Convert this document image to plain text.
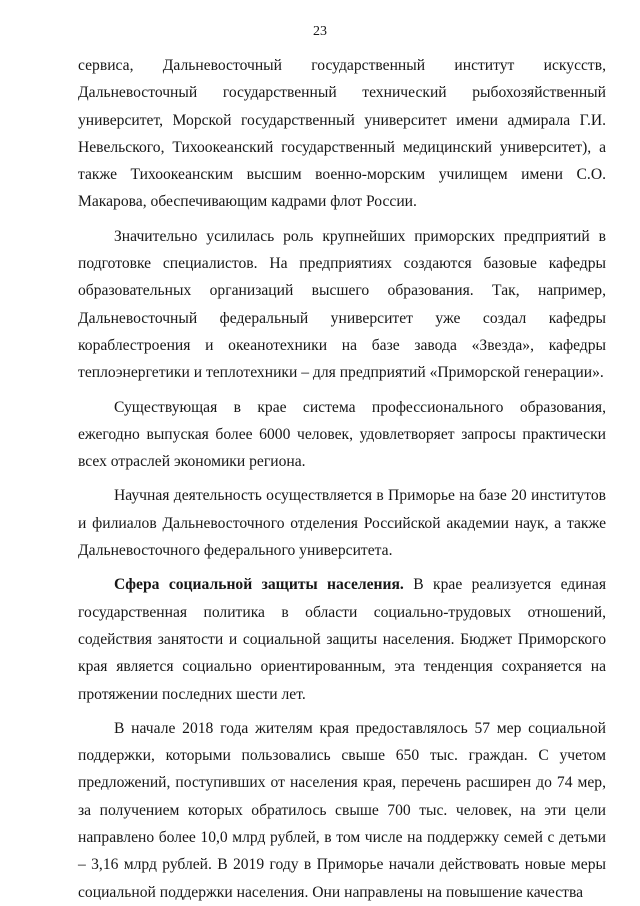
23

сервиса, Дальневосточный государственный институт искусств, Дальневосточный государственный технический рыбохозяйственный университет, Морской государственный университет имени адмирала Г.И. Невельского, Тихоокеанский государственный медицинский университет), а также Тихоокеанским высшим военно-морским училищем имени С.О. Макарова, обеспечивающим кадрами флот России.

Значительно усилилась роль крупнейших приморских предприятий в подготовке специалистов. На предприятиях создаются базовые кафедры образовательных организаций высшего образования. Так, например, Дальневосточный федеральный университет уже создал кафедры кораблестроения и океанотехники на базе завода «Звезда», кафедры теплоэнергетики и теплотехники – для предприятий «Приморской генерации».

Существующая в крае система профессионального образования, ежегодно выпуская более 6000 человек, удовлетворяет запросы практически всех отраслей экономики региона.

Научная деятельность осуществляется в Приморье на базе 20 институтов и филиалов Дальневосточного отделения Российской академии наук, а также Дальневосточного федерального университета.

Сфера социальной защиты населения. В крае реализуется единая государственная политика в области социально-трудовых отношений, содействия занятости и социальной защиты населения. Бюджет Приморского края является социально ориентированным, эта тенденция сохраняется на протяжении последних шести лет.

В начале 2018 года жителям края предоставлялось 57 мер социальной поддержки, которыми пользовались свыше 650 тыс. граждан. С учетом предложений, поступивших от населения края, перечень расширен до 74 мер, за получением которых обратилось свыше 700 тыс. человек, на эти цели направлено более 10,0 млрд рублей, в том числе на поддержку семей с детьми – 3,16 млрд рублей. В 2019 году в Приморье начали действовать новые меры социальной поддержки населения. Они направлены на повышение качества
